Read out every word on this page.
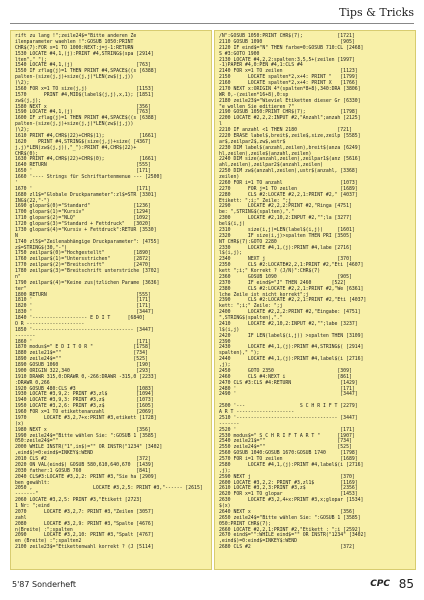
Tips & Tricks
rift zu lang !";zeile24$="Bitte anderen Ze
ilenparameter waehlen !":GOSUB 1050:PRINT
CHR$(7):FOR x=1 TO 1000:NEXT:j=j-1:RETURN
1530 LOCATE #4,1,(j):PRINT #4,STRING$(spa [2914]
lten"," ");
1540 LOCATE #4,1,(j)                      [763]
1550 IF zflag(j)=1 THEN PRINT #4,SPACE$((s [6388]
palten-(size(j,j)+size(j,j)*LEN(zw$(j,j))
)\2);
1560 FOR x=1 TO size(j,j)                 [1153]
1570      PRINT #4,MID$(label$(j,j),x,1); [1851]
zw$(j,j);
1580 NEXT x                               [356]
1590 LOCATE #4,1,(j)                      [763]
1600 IF zflag(j)=1 THEN PRINT #4,SPACE$((s [6388]
palten-(size(j,j)+size(j,j)*LEN(zw$(j,j))
)\2);
1610 PRINT #4,CHR$(22)+CHR$(1);            [1661]
1620    PRINT #4,STRING$(size(j,j)+size( [4367]
j,j)*LEN(zw$(j,j)),"_"):PRINT #4,CHR$(22)+
CHR$(0);
1630 PRINT #4,CHR$(22)+CHR$(0);            [1661]
1640 RETURN                               [555]
1650 '                                    [171]
1660 '---- Strings für Schriftartenmenue --- [2500]
'
1670 '                                    [171]
1680 zl1$="Globale Druckparameter":zl$=STR [3301]
ING$(22,"-")
1690 glopar$(0)="Standard"               [1236]
1700 glopar$(1)="Kursiv"                 [1294]
1710 glopar$(2)="NLQ"                    [1092]
1720 glopar$(3)="Standard + Fettdruck"   [3020]
1730 glopar$(4)="Kursiv + Fettdruck":RETUR [3530]
N
1740 zl5$="Zeilenabhängige Druckparameter": [4755]
z$=STRING$(30,"-")
1750 zeilpar$(0)="Hochgestellt"          [1890]
1760 zeilpar$(1)="Untersstrichen"        [2872]
1770 zeilpar$(2)="Breitschrift"          [2470]
1780 zeilpar$(3)="Breitschrift unterstriche [3702]
n"
1790 zeilpar$(4)="Keine zus|tzlichen Parame [3636]
ter"
1800 RETURN                               [555]
1810 '                                    [171]
1820 '                                    [171]
1830 '                                    [3447]
1840 '------------------- E D I T      [6840]
O R --------------------
1850 '----------------------------------- [3447]
-------
1860 '                                    [171]
1870 modus$=" E D I T O R "              [1758]
1880 zeile21$=""                         [734]
1890 zeile24$=""                         [525]
1890 GOSUB 1060                           [190]
1900 ORIGIN 322,340                       [293]
1910 DRAWR 315,0:DRAWR 0,-266:DRAWR -315,0 [2233]
:DRAWR 0,266
1920 GOSUB 480:CLS #3                     [1083]
1930 LOCATE #3,9,2: PRINT #3,zl$          [1094]
1940 LOCATE #3,9,3: PRINT #3,z$           [1073]
1950 LOCATE #3,2,6: PRINT #3,z$           [1605]
1960 FOR x=1 TO etikettenanzahl           [2069]
1970      LOCATE #3,2,7+x:PRINT #3,etikett [1728]
(x)
1980 NEXT x                               [356]
1990 zeile24$="Bitte wählen Sie: ":GOSUB 1 [3585]
050:zeile24$=""
2000 WHILE INSTR("1",in$)="" OR INSTR("1234" [3402]
,eind$)=0:eind$=INKEY$:WEND
2010 CLS #2                               [372]
2020 ON VAL(eind$) GOSUB 580,610,640,670  [1439]
2030 father:1 GOSUB 760                   [841]
2040 CLS#3:LOCATE #3,2,2: PRINT #3,"Sie ha [2909]
ben gewählt:
2050 ,                     LOCATE #3,2,5: PRINT #3,"------ [2615]
-------"
2060 LOCATE #3,2,5: PRINT #3,"Etikett [2723]
1 Nr: ";eind
2070      LOCATE #3,2,7: PRINT #3,"Zeilen [3057]
zahl
2080      LOCATE #3,2,9: PRINT #3,"Spalte [4676]
n(Breite) :";spalten
2090      LOCATE #3,2,10: PRINT #3,"Spalt [4767]
en (Breite) :";spalten2
2100 zeile23$="Etikettenwahl korrekt ? (J [5114]

/N":GOSUB 1050:PRINT CHR$(7);            [1721]
2110 GOSUB 1090                           [905]
2120 IF eind$="N" THEN farbe=0:GOSUB 710:CL [2468]
S #3:GOTO 1900
2130 LOCATE #4,2,2:spalten:3,5,5+(zeilen [1997]
-1)PAPER #4,0:PEN #4,1:CLS #4
2140 FOR x=1 TO zeilen                    [1123]
2150      LOCATE spalten*2,x+4: PRINT "   [1799]
2160      LOCATE spalten*2,x+4: PRINT X   [1766]
2170 NEXT x:ORIGIN 4*(spalten*8+8),340:DRA [3806]
WR 0,-(zeilen*16+8),0:sp
2180 zeile23$="Wieviel Etiketten dieser Gr [6330]
"e wollen Sie editieren ?"
2190 GOSUB 1050:PRINT CHR$(7);            [1798]
2200 LOCATE #2,2,2:INPUT #2,"Anzahl";anzah [2125]
l
2210 IF anzahl <1 THEN 2180              [721]
2220 ERASE label$,breit$,zeile$,size,zeilp [5585]
ar$,zeilpar2$,zw$,wstr$
2230 DIM label$(anzahl,zeilen),breit$(anza [6249]
hl,zeilen),zeile$(anzahl,zeilen)
2240 DIM size(anzahl,zeilen),zeilpar1$(anz [5616]
ahl,zeilen),zeilpar2$(anzahl,zeilen)
2250 DIM zw$(anzahl,zeilen),ustr$(anzahl, [3368]
zeilen)
2260 FOR i=1 TO anzahl                    [1073]
2270      FOR j=1 TO zeilen               [1689]
2280      CLS #2:LOCATE #2,2,1:PRINT #2," [4037]
Etikett: ";i;" Zeile: ";j
2290      LOCATE #2,2,2:PRINT #2,"Ringa [4751]
be: ",STRING$(spalten),"."
2300      LOCATE #2,10,2:INPUT #2,"";la [3277]
bel$(i,j)
2310      size(i,j)=LEN(label$(i,j))     [1601]
2320      IF size(i,j)>spalten THEN PRI [3505]
NT CHR$(7):GOTO 2280
2330      LOCATE #4,1,(j):PRINT #4,labe [2716]
l$(i,j);
2340      NEXT j                         [370]
2350      CLS #2:LOCATE#2,2,1:PRINT #2,"Eti [4607]
kett ";i;" Korrekt ? (J/N)":CHR$(7)
2360      GOSUB 1090                     [905]
2370      IF eind$="J" THEN 2460       [522]
2380      CLS #2:LOCATE #2,2,1:PRINT #2,"We [6361]
lche Zeile ist nicht korrekt";j
2390      CLS #2:LOCATE #2,2,1:PRINT #2,"Eti [4037]
kett: ";i;" Zeile: ";j
2400      LOCATE #2,2,2:PRINT #2,"Eingabe: [4751]
",STRING$(spalten),"."
2410      LOCATE #2,10,2:INPUT #2,"";labe [3237]
l$(i,j)
2420      IF LEN(label$(i,j)) >spalten THEN [3109]
2390
2430      LOCATE #4,1,(j):PRINT #4,STRING$( [2914]
spalten)," ");
2440      LOCATE #4,1,(j):PRINT #4,label$(i [2716]
,j);
2450      GOTO 2350                      [309]
2460      CLS #4:NEXT i                  [861]
2470 CLS #3:CLS #4:RETURN                 [1429]
2480 '                                    [171]
2490 '                                    [3447]

2500 '---                   S C H R I F T [2279]
A R T --------------------
2510 '----------------------------------- [3447]
-------
2520 '                                    [171]
2530 modus$=" S C H R I F T A R T "      [1907]
2540 zeile21$=""                         [734]
2550 zeile24$=""                         [525]
2560 GOSUB 1040:GOSUB 1670:GOSUB 1740     [1798]
2570 FOR i=1 TO zeilen                    [1689]
2580      LOCATE #4,1,(j):PRINT #4,label$(i [2716]
,j);
2590 NEXT j                               [370]
2600 LOCATE #3,2,2: PRINT #3,zl1$         [1169]
2610 LOCATE #3,2,3:PRINT #3,z$            [2356]
2620 FOR x=1 TO glopar                    [1453]
2630      LOCATE #3,2,4+x:PRINT #3,x;glopar [1534]
$(x)
2640 NEXT x                               [356]
2650 zeile24$="Bitte wählen Sie: ":GOSUB 1 [3585]
050:PRINT CHR$(7);
2660 LOCATE #2,2,1:PRINT #2,"Etikett : ";i [2592]
2670 eind$="":WHILE eind$="" OR INSTR("1234" [3402]
,eind$)=0:eind$=INKEY$:WEND
2680 CLS #2                               [372]

5'87 Sonderheft	CPC 85
